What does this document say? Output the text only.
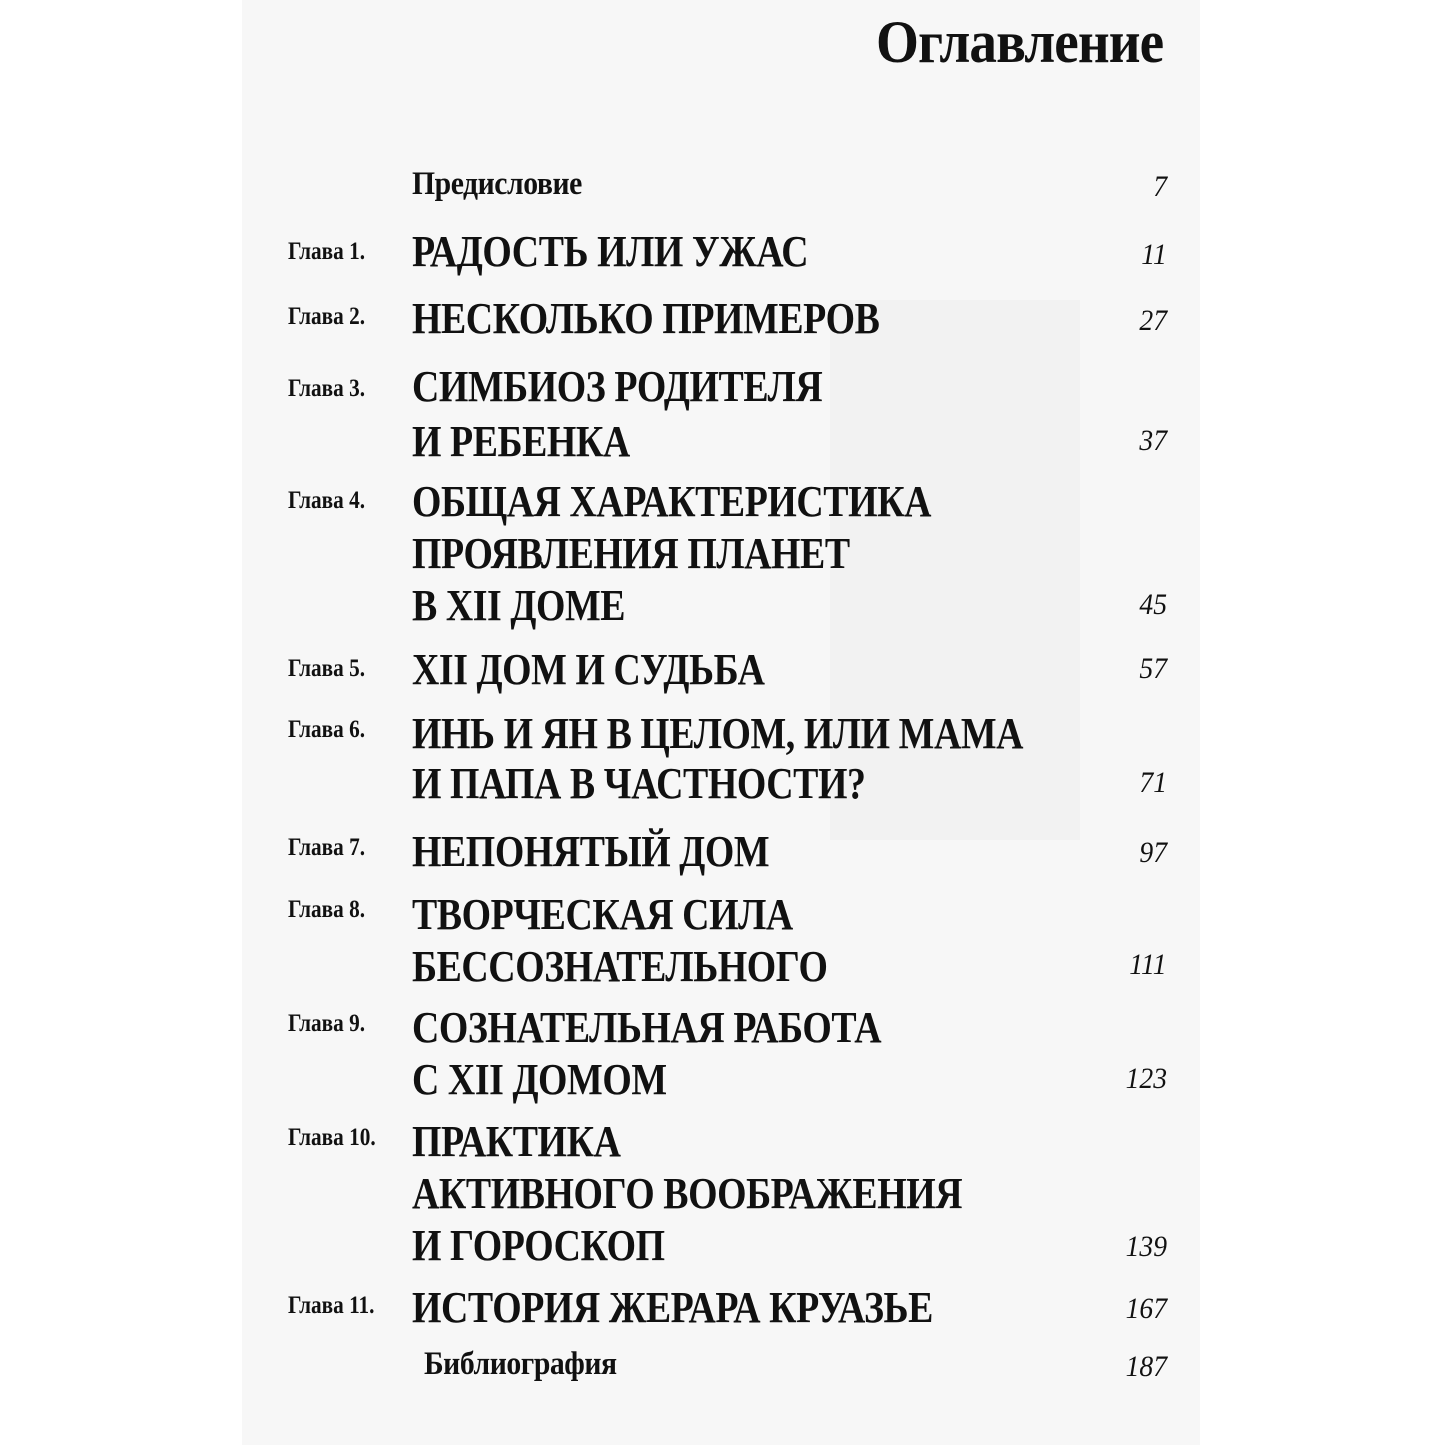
Оглавление
Предисловие	7
Глава 1. РАДОСТЬ ИЛИ УЖАС	11
Глава 2. НЕСКОЛЬКО ПРИМЕРОВ	27
Глава 3. СИМБИОЗ РОДИТЕЛЯ
И РЕБЕНКА	37
Глава 4. ОБЩАЯ ХАРАКТЕРИСТИКА
ПРОЯВЛЕНИЯ ПЛАНЕТ
В XII ДОМЕ	45
Глава 5. XII ДОМ И СУДЬБА	57
Глава 6. ИНЬ И ЯН В ЦЕЛОМ, ИЛИ МАМА
И ПАПА В ЧАСТНОСТИ?	71
Глава 7. НЕПОНЯТЫЙ ДОМ	97
Глава 8. ТВОРЧЕСКАЯ СИЛА
БЕССОЗНАТЕЛЬНОГО	111
Глава 9. СОЗНАТЕЛЬНАЯ РАБОТА
С XII ДОМОМ	123
Глава 10. ПРАКТИКА
АКТИВНОГО ВООБРАЖЕНИЯ
И ГОРОСКОП	139
Глава 11. ИСТОРИЯ ЖЕРАРА КРУАЗЬЕ	167
Библиография	187
